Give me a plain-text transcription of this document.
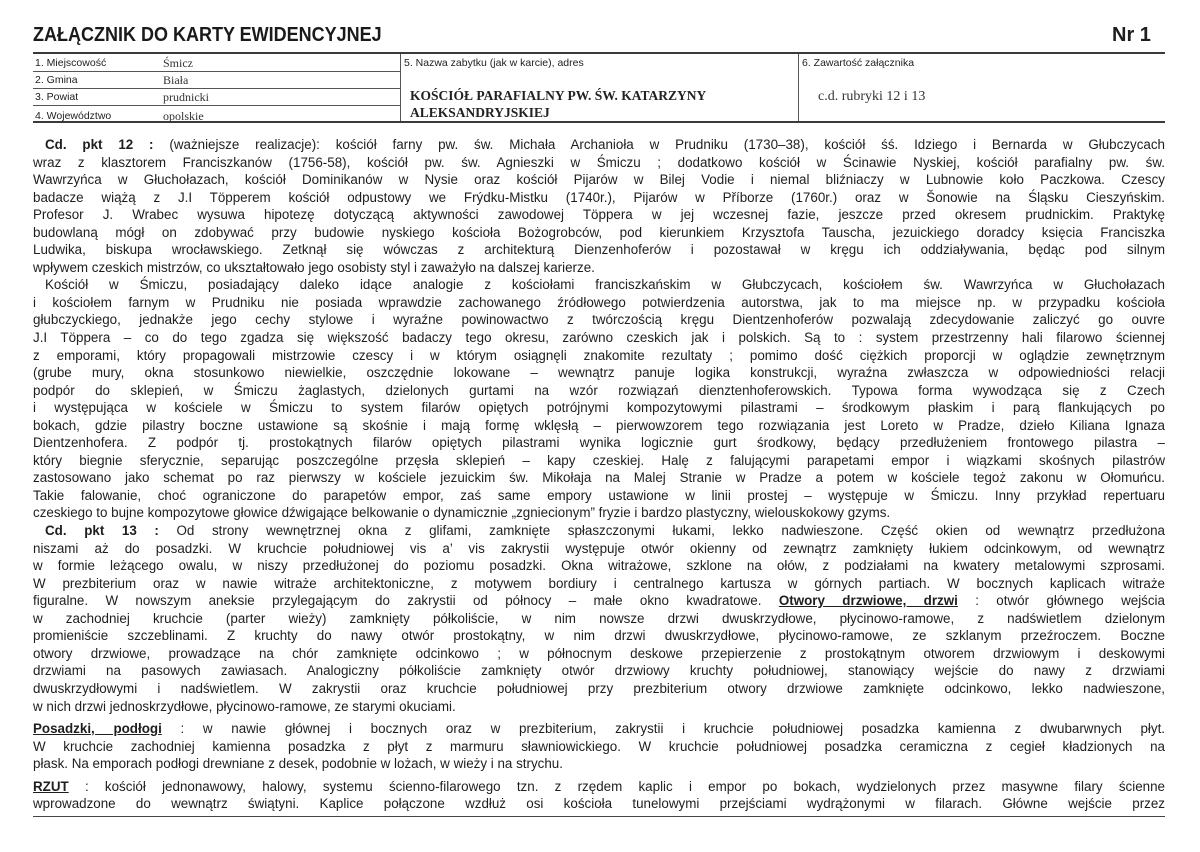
ZAŁĄCZNIK DO KARTY EWIDENCYJNEJ	Nr 1
1. Miejscowość	Śmicz
2. Gmina	Biała
3. Powiat	prudnicki
4. Województwo	opolskie
5. Nazwa zabytku (jak w karcie), adres
KOŚCIÓŁ PARAFIALNY PW. ŚW. KATARZYNY
ALEKSANDRYJSKIEJ
6. Zawartość załącznika
c.d. rubryki 12 i 13
Cd. pkt 12 : (ważniejsze realizacje): kościół farny pw. św. Michała Archanioła w Prudniku (1730–38), kościół śś. Idziego i Bernarda w Głubczycach
wraz z klasztorem Franciszkanów (1756-58), kościół pw. św. Agnieszki w Śmiczu ; dodatkowo kościół w Ścinawie Nyskiej, kościół parafialny pw. św.
Wawrzyńca w Głuchołazach, kościół Dominikanów w Nysie oraz kościół Pijarów w Bilej Vodie i niemal bliźniaczy w Lubnowie koło Paczkowa. Czescy
badacze wiążą z J.I Töpperem kościół odpustowy we Frýdku-Mistku (1740r.), Pijarów w Příborze (1760r.) oraz w Šonowie na Śląsku Cieszyńskim.
Profesor J. Wrabec wysuwa hipotezę dotyczącą aktywności zawodowej Töppera w jej wczesnej fazie, jeszcze przed okresem prudnickim. Praktykę
budowlaną mógł on zdobywać przy budowie nyskiego kościoła Bożogrobców, pod kierunkiem Krzysztofa Tauscha, jezuickiego doradcy księcia Franciszka
Ludwika, biskupa wrocławskiego. Zetknął się wówczas z architekturą Dienzenhoferów i pozostawał w kręgu ich oddziaływania, będąc pod silnym
wpływem czeskich mistrzów, co ukształtowało jego osobisty styl i zaważyło na dalszej karierze.
Kościół w Śmiczu, posiadający daleko idące analogie z kościołami franciszkańskim w Głubczycach, kościołem św. Wawrzyńca w Głuchołazach
i kościołem farnym w Prudniku nie posiada wprawdzie zachowanego źródłowego potwierdzenia autorstwa, jak to ma miejsce np. w przypadku kościoła
głubczyckiego, jednakże jego cechy stylowe i wyraźne powinowactwo z twórczością kręgu Dientzenhoferów pozwalają zdecydowanie zaliczyć go ouvre
J.I Töppera – co do tego zgadza się większość badaczy tego okresu, zarówno czeskich jak i polskich. Są to : system przestrzenny hali filarowo ściennej
z emporami, który propagowali mistrzowie czescy i w którym osiągnęli znakomite rezultaty ; pomimo dość ciężkich proporcji w oglądzie zewnętrznym
(grube mury, okna stosunkowo niewielkie, oszczędnie lokowane – wewnątrz panuje logika konstrukcji, wyraźna zwłaszcza w odpowiedniości relacji
podpór do sklepień, w Śmiczu żaglastych, dzielonych gurtami na wzór rozwiązań dienztenhoferowskich. Typowa forma wywodząca się z Czech
i występująca w kościele w Śmiczu to system filarów opiętych potrójnymi kompozytowymi pilastrami – środkowym płaskim i parą flankujących po
bokach, gdzie pilastry boczne ustawione są skośnie i mają formę wklęsłą – pierwowzorem tego rozwiązania jest Loreto w Pradze, dzieło Kiliana Ignaza
Dientzenhofera. Z podpór tj. prostokątnych filarów opiętych pilastrami wynika logicznie gurt środkowy, będący przedłużeniem frontowego pilastra –
który biegnie sferycznie, separując poszczególne przęsła sklepień – kapy czeskiej. Halę z falującymi parapetami empor i wiązkami skośnych pilastrów
zastosowano jako schemat po raz pierwszy w kościele jezuickim św. Mikołaja na Malej Stranie w Pradze a potem w kościele tegoż zakonu w Ołomuńcu.
Takie falowanie, choć ograniczone do parapetów empor, zaś same empory ustawione w linii prostej – występuje w Śmiczu. Inny przykład repertuaru
czeskiego to bujne kompozytowe głowice dźwigające belkowanie o dynamicznie „zgniecionym” fryzie i bardzo plastyczny, wielouskokowy gzyms.
Cd. pkt 13 : Od strony wewnętrznej okna z glifami, zamknięte spłaszczonymi łukami, lekko nadwieszone. Część okien od wewnątrz przedłużona
niszami aż do posadzki. W kruchcie południowej vis a’ vis zakrystii występuje otwór okienny od zewnątrz zamknięty łukiem odcinkowym, od wewnątrz
w formie leżącego owalu, w niszy przedłużonej do poziomu posadzki. Okna witrażowe, szklone na ołów, z podziałami na kwatery metalowymi szprosami.
W prezbiterium oraz w nawie witraże architektoniczne, z motywem bordiury i centralnego kartusza w górnych partiach. W bocznych kaplicach witraże
figuralne. W nowszym aneksie przylegającym do zakrystii od północy – małe okno kwadratowe. Otwory drzwiowe, drzwi : otwór głównego wejścia
w zachodniej kruchcie (parter wieży) zamknięty półkoliście, w nim nowsze drzwi dwuskrzydłowe, płycinowo-ramowe, z nadświetlem dzielonym
promieniście szczeblinami. Z kruchty do nawy otwór prostokątny, w nim drzwi dwuskrzydłowe, płycinowo-ramowe, ze szklanym przeźroczem. Boczne
otwory drzwiowe, prowadzące na chór zamknięte odcinkowo ; w północnym deskowe przepierzenie z prostokątnym otworem drzwiowym i deskowymi
drzwiami na pasowych zawiasach. Analogiczny półkoliście zamknięty otwór drzwiowy kruchty południowej, stanowiący wejście do nawy z drzwiami
dwuskrzydłowymi i nadświetlem. W zakrystii oraz kruchcie południowej przy prezbiterium otwory drzwiowe zamknięte odcinkowo, lekko nadwieszone,
w nich drzwi jednoskrzydłowe, płycinowo-ramowe, ze starymi okuciami.
Posadzki, podłogi : w nawie głównej i bocznych oraz w prezbiterium, zakrystii i kruchcie południowej posadzka kamienna z dwubarwnych płyt.
W kruchcie zachodniej kamienna posadzka z płyt z marmuru sławniowickiego. W kruchcie południowej posadzka ceramiczna z cegieł kładzionych na
płask. Na emporach podłogi drewniane z desek, podobnie w lożach, w wieży i na strychu.
RZUT : kościół jednonawowy, halowy, systemu ścienno-filarowego tzn. z rzędem kaplic i empor po bokach, wydzielonych przez masywne filary ścienne
wprowadzone do wewnątrz świątyni. Kaplice połączone wzdłuż osi kościoła tunelowymi przejściami wydrążonymi w filarach. Główne wejście przez
